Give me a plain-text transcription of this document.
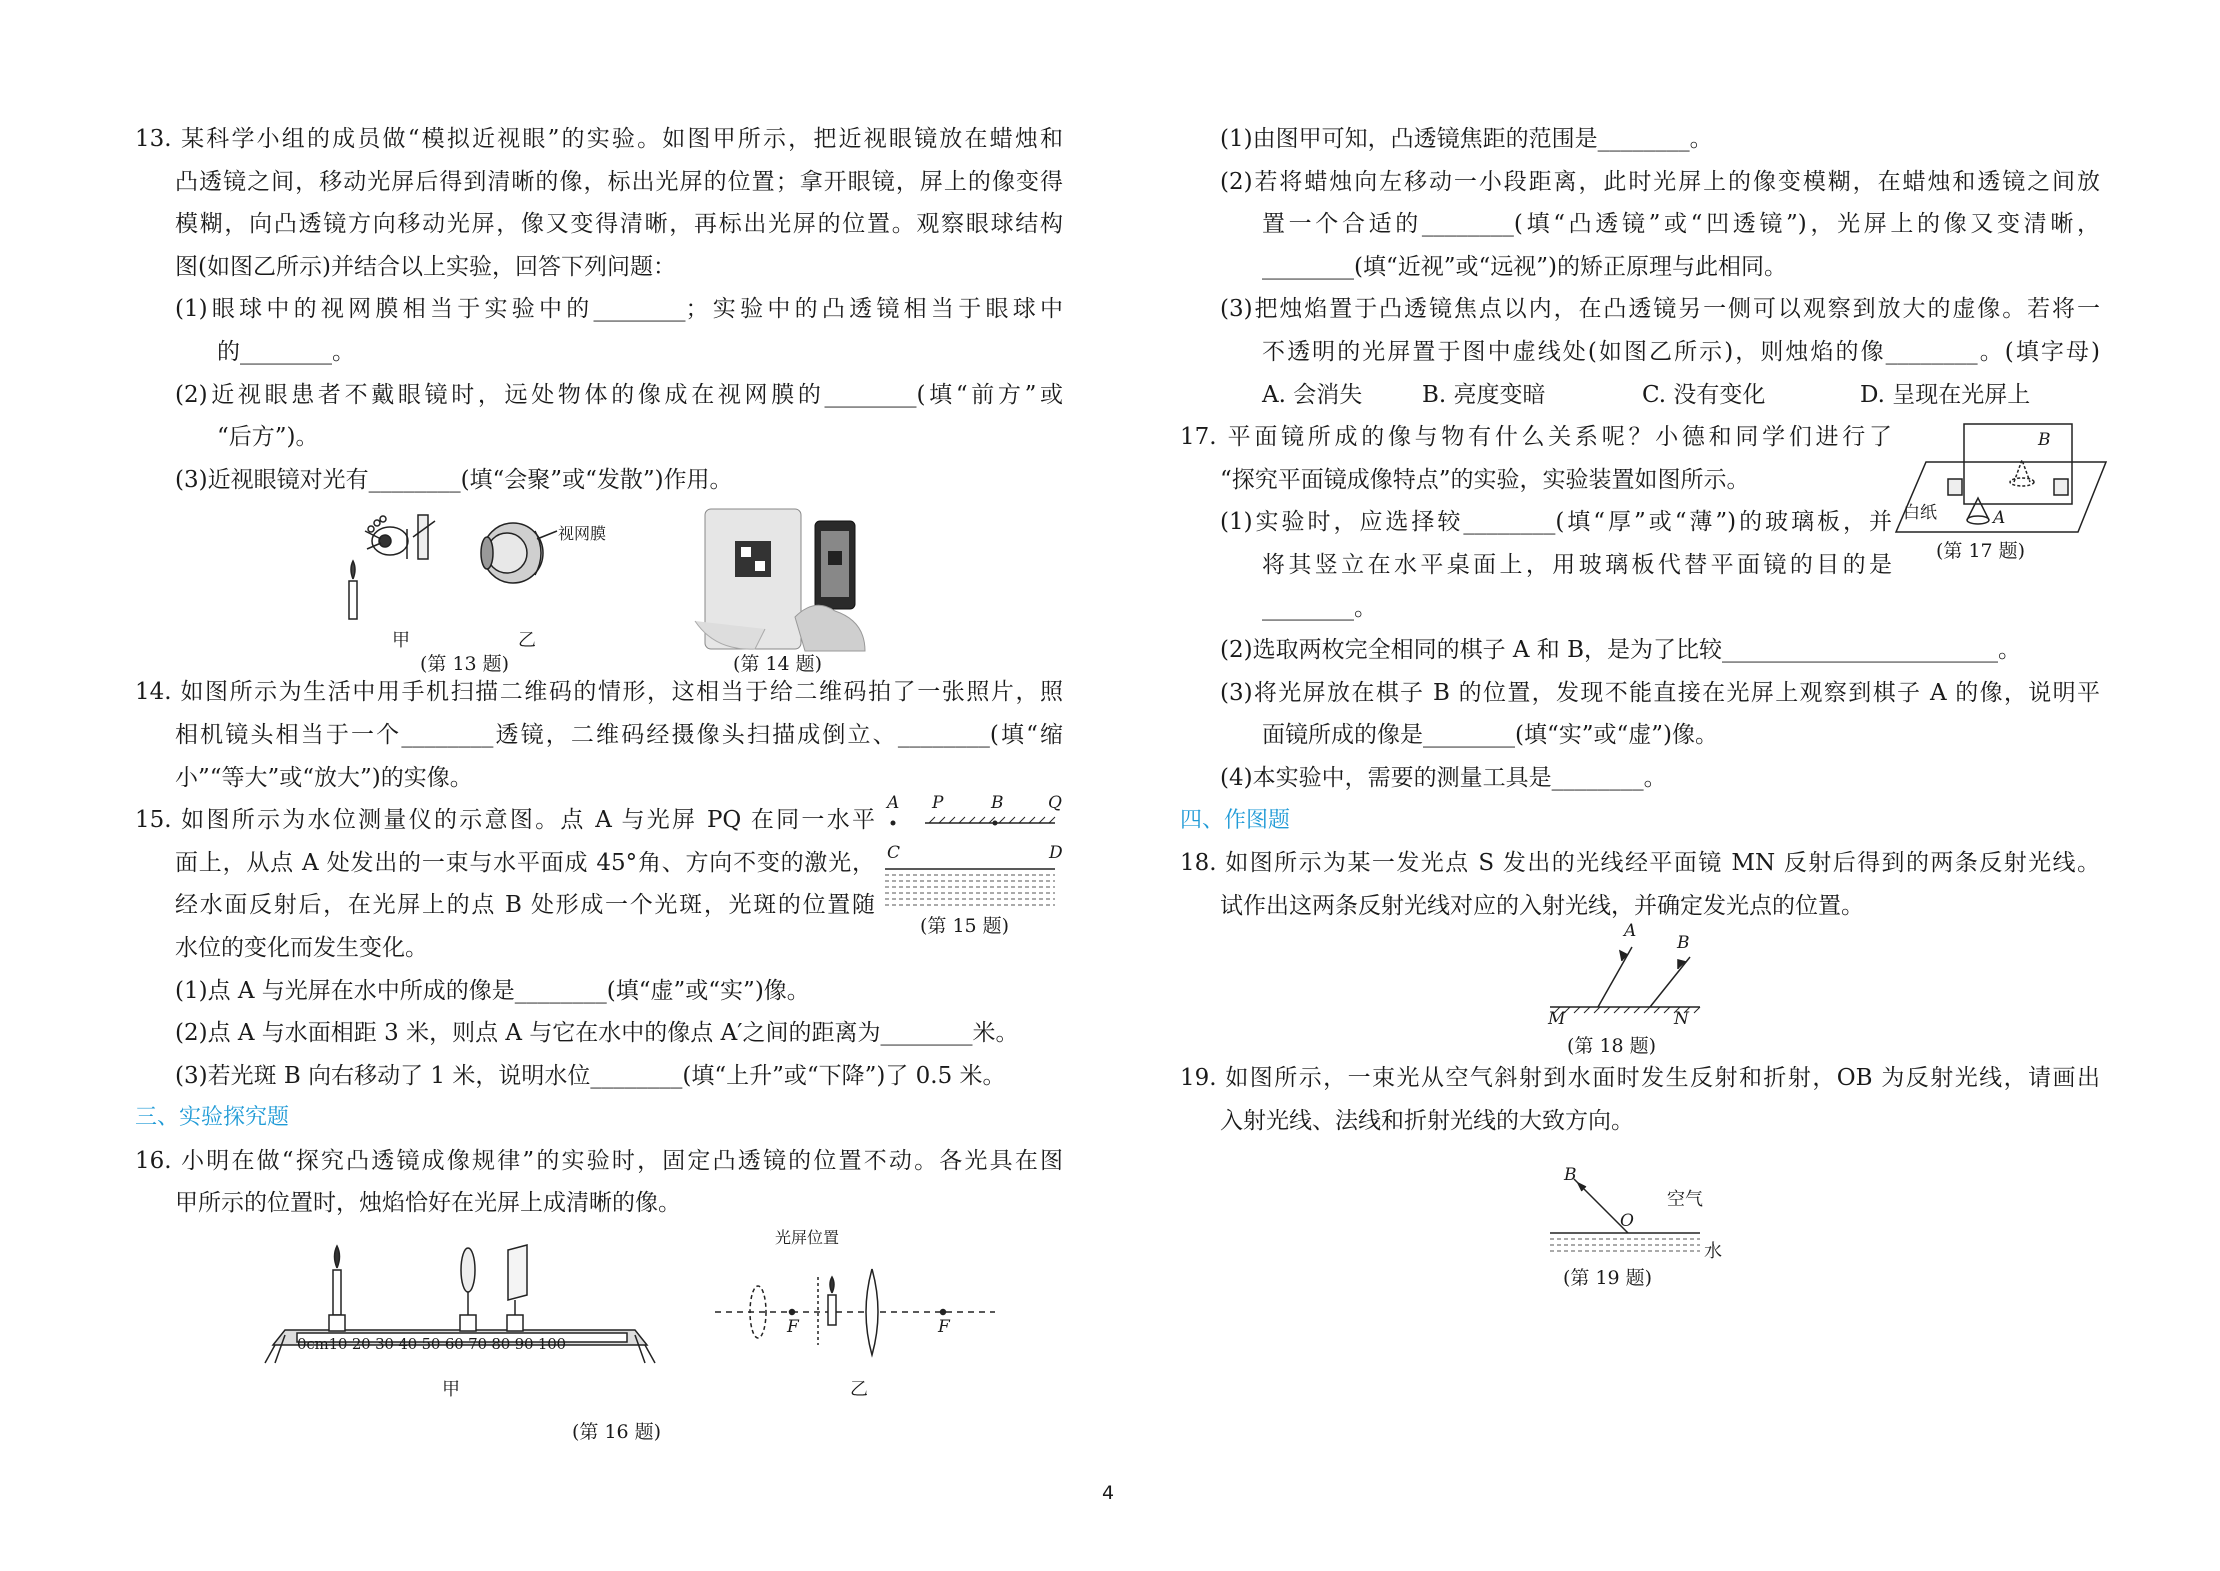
13. 某科学小组的成员做“模拟近视眼”的实验。如图甲所示，把近视眼镜放在蜡烛和
凸透镜之间，移动光屏后得到清晰的像，标出光屏的位置；拿开眼镜，屏上的像变得
模糊，向凸透镜方向移动光屏，像又变得清晰，再标出光屏的位置。观察眼球结构
图(如图乙所示)并结合以上实验，回答下列问题：
(1)眼球中的视网膜相当于实验中的________；实验中的凸透镜相当于眼球中
的________。
(2)近视眼患者不戴眼镜时，远处物体的像成在视网膜的________(填“前方”或
“后方”)。
(3)近视眼镜对光有________(填“会聚”或“发散”)作用。
甲	乙
视网膜
(第 13 题)	(第 14 题)
14. 如图所示为生活中用手机扫描二维码的情形，这相当于给二维码拍了一张照片，照
相机镜头相当于一个________透镜，二维码经摄像头扫描成倒立、________(填“缩
小”“等大”或“放大”)的实像。
15. 如图所示为水位测量仪的示意图。点 A 与光屏 PQ 在同一水平
面上，从点 A 处发出的一束与水平面成 45°角、方向不变的激光，
经水面反射后，在光屏上的点 B 处形成一个光斑，光斑的位置随
水位的变化而发生变化。
(1)点 A 与光屏在水中所成的像是________(填“虚”或“实”)像。
(2)点 A 与水面相距 3 米，则点 A 与它在水中的像点 A′之间的距离为________米。
(3)若光斑 B 向右移动了 1 米，说明水位________(填“上升”或“下降”)了 0.5 米。
A P	B	Q
C	D
(第 15 题)
三、实验探究题
16. 小明在做“探究凸透镜成像规律”的实验时，固定凸透镜的位置不动。各光具在图
甲所示的位置时，烛焰恰好在光屏上成清晰的像。
0cm10 20 30 40 50 60 70 80 90 100
甲	乙
光屏位置
F	F
(第 16 题)
(1)由图甲可知，凸透镜焦距的范围是________。
(2)若将蜡烛向左移动一小段距离，此时光屏上的像变模糊，在蜡烛和透镜之间放
置一个合适的________(填“凸透镜”或“凹透镜”)，光屏上的像又变清晰，
________(填“近视”或“远视”)的矫正原理与此相同。
(3)把烛焰置于凸透镜焦点以内，在凸透镜另一侧可以观察到放大的虚像。若将一
不透明的光屏置于图中虚线处(如图乙所示)，则烛焰的像________。(填字母)
A. 会消失	B. 亮度变暗	C. 没有变化	D. 呈现在光屏上
17. 平面镜所成的像与物有什么关系呢？小德和同学们进行了
“探究平面镜成像特点”的实验，实验装置如图所示。
(1)实验时，应选择较________(填“厚”或“薄”)的玻璃板，并
将其竖立在水平桌面上，用玻璃板代替平面镜的目的是
________。
白纸	A
B
(第 17 题)
(2)选取两枚完全相同的棋子 A 和 B，是为了比较________________________。
(3)将光屏放在棋子 B 的位置，发现不能直接在光屏上观察到棋子 A 的像，说明平
面镜所成的像是________(填“实”或“虚”)像。
(4)本实验中，需要的测量工具是________。
四、作图题
18. 如图所示为某一发光点 S 发出的光线经平面镜 MN 反射后得到的两条反射光线。
试作出这两条反射光线对应的入射光线，并确定发光点的位置。
A
B
M	N
(第 18 题)
19. 如图所示，一束光从空气斜射到水面时发生反射和折射，OB 为反射光线，请画出
入射光线、法线和折射光线的大致方向。
B
O
空气
水
(第 19 题)
4
